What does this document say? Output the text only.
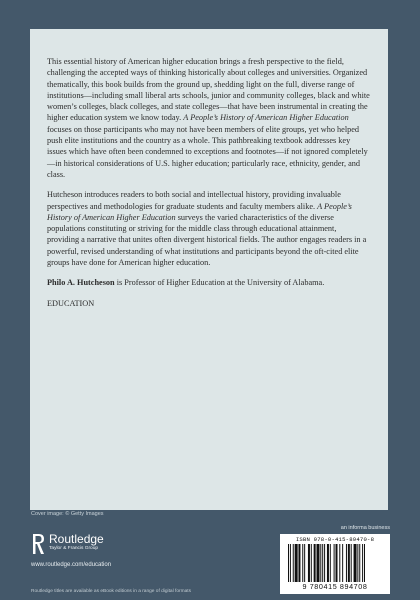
This essential history of American higher education brings a fresh perspective to the field, challenging the accepted ways of thinking historically about colleges and universities. Organized thematically, this book builds from the ground up, shedding light on the full, diverse range of institutions—including small liberal arts schools, junior and community colleges, black and white women’s colleges, black colleges, and state colleges—that have been instrumental in creating the higher education system we know today. A People’s History of American Higher Education focuses on those participants who may not have been members of elite groups, yet who helped push elite institutions and the country as a whole. This pathbreaking textbook addresses key issues which have often been condemned to exceptions and footnotes—if not ignored completely—in historical considerations of U.S. higher education; particularly race, ethnicity, gender, and class.

Hutcheson introduces readers to both social and intellectual history, providing invaluable perspectives and methodologies for graduate students and faculty members alike. A People’s History of American Higher Education surveys the varied characteristics of the diverse populations constituting or striving for the middle class through educational attainment, providing a narrative that unites often divergent historical fields. The author engages readers in a powerful, revised understanding of what institutions and participants beyond the oft-cited elite groups have done for American higher education.

Philo A. Hutcheson is Professor of Higher Education at the University of Alabama.

EDUCATION

Cover image: © Getty Images
an informa business
Routledge
Taylor & Francis Group
www.routledge.com/education
ISBN 978-0-415-89470-8
9 780415 894708
Routledge titles are available as eBook editions in a range of digital formats
